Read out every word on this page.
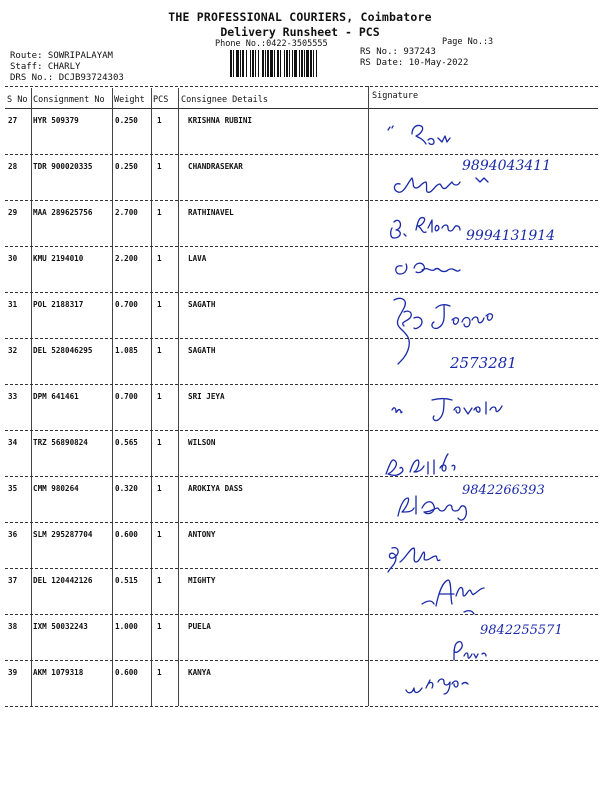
THE PROFESSIONAL COURIERS, Coimbatore
Delivery Runsheet - PCS
Phone No.:0422-3505555	Page No.:3
Route: SOWRIPALAYAM
Staff: CHARLY
DRS No.: DCJB93724303
RS No.: 937243
RS Date: 10-May-2022
S No Consignment No Weight PCS Consignee Details	Signature
27 HYR 509379	0.250	1	KRISHNA RUBINI
28 TDR 900020335	0.250	1	CHANDRASEKAR
29 MAA 289625756	2.700	1	RATHINAVEL
30 KMU 2194010	2.200	1	LAVA
31 POL 2188317	0.700	1	SAGATH
32 DEL 528046295	1.085	1	SAGATH
33 DPM 641461	0.700	1	SRI JEYA
34 TRZ 56890824	0.565	1	WILSON
35 CMM 980264	0.320	1	AROKIYA DASS
36 SLM 295287704	0.600	1	ANTONY
37 DEL 120442126	0.515	1	MIGHTY
38 IXM 50032243	1.000	1	PUELA
39 AKM 1079318	0.600	1	KANYA
9894043411
9994131914
2573281
9842266393
9842255571
